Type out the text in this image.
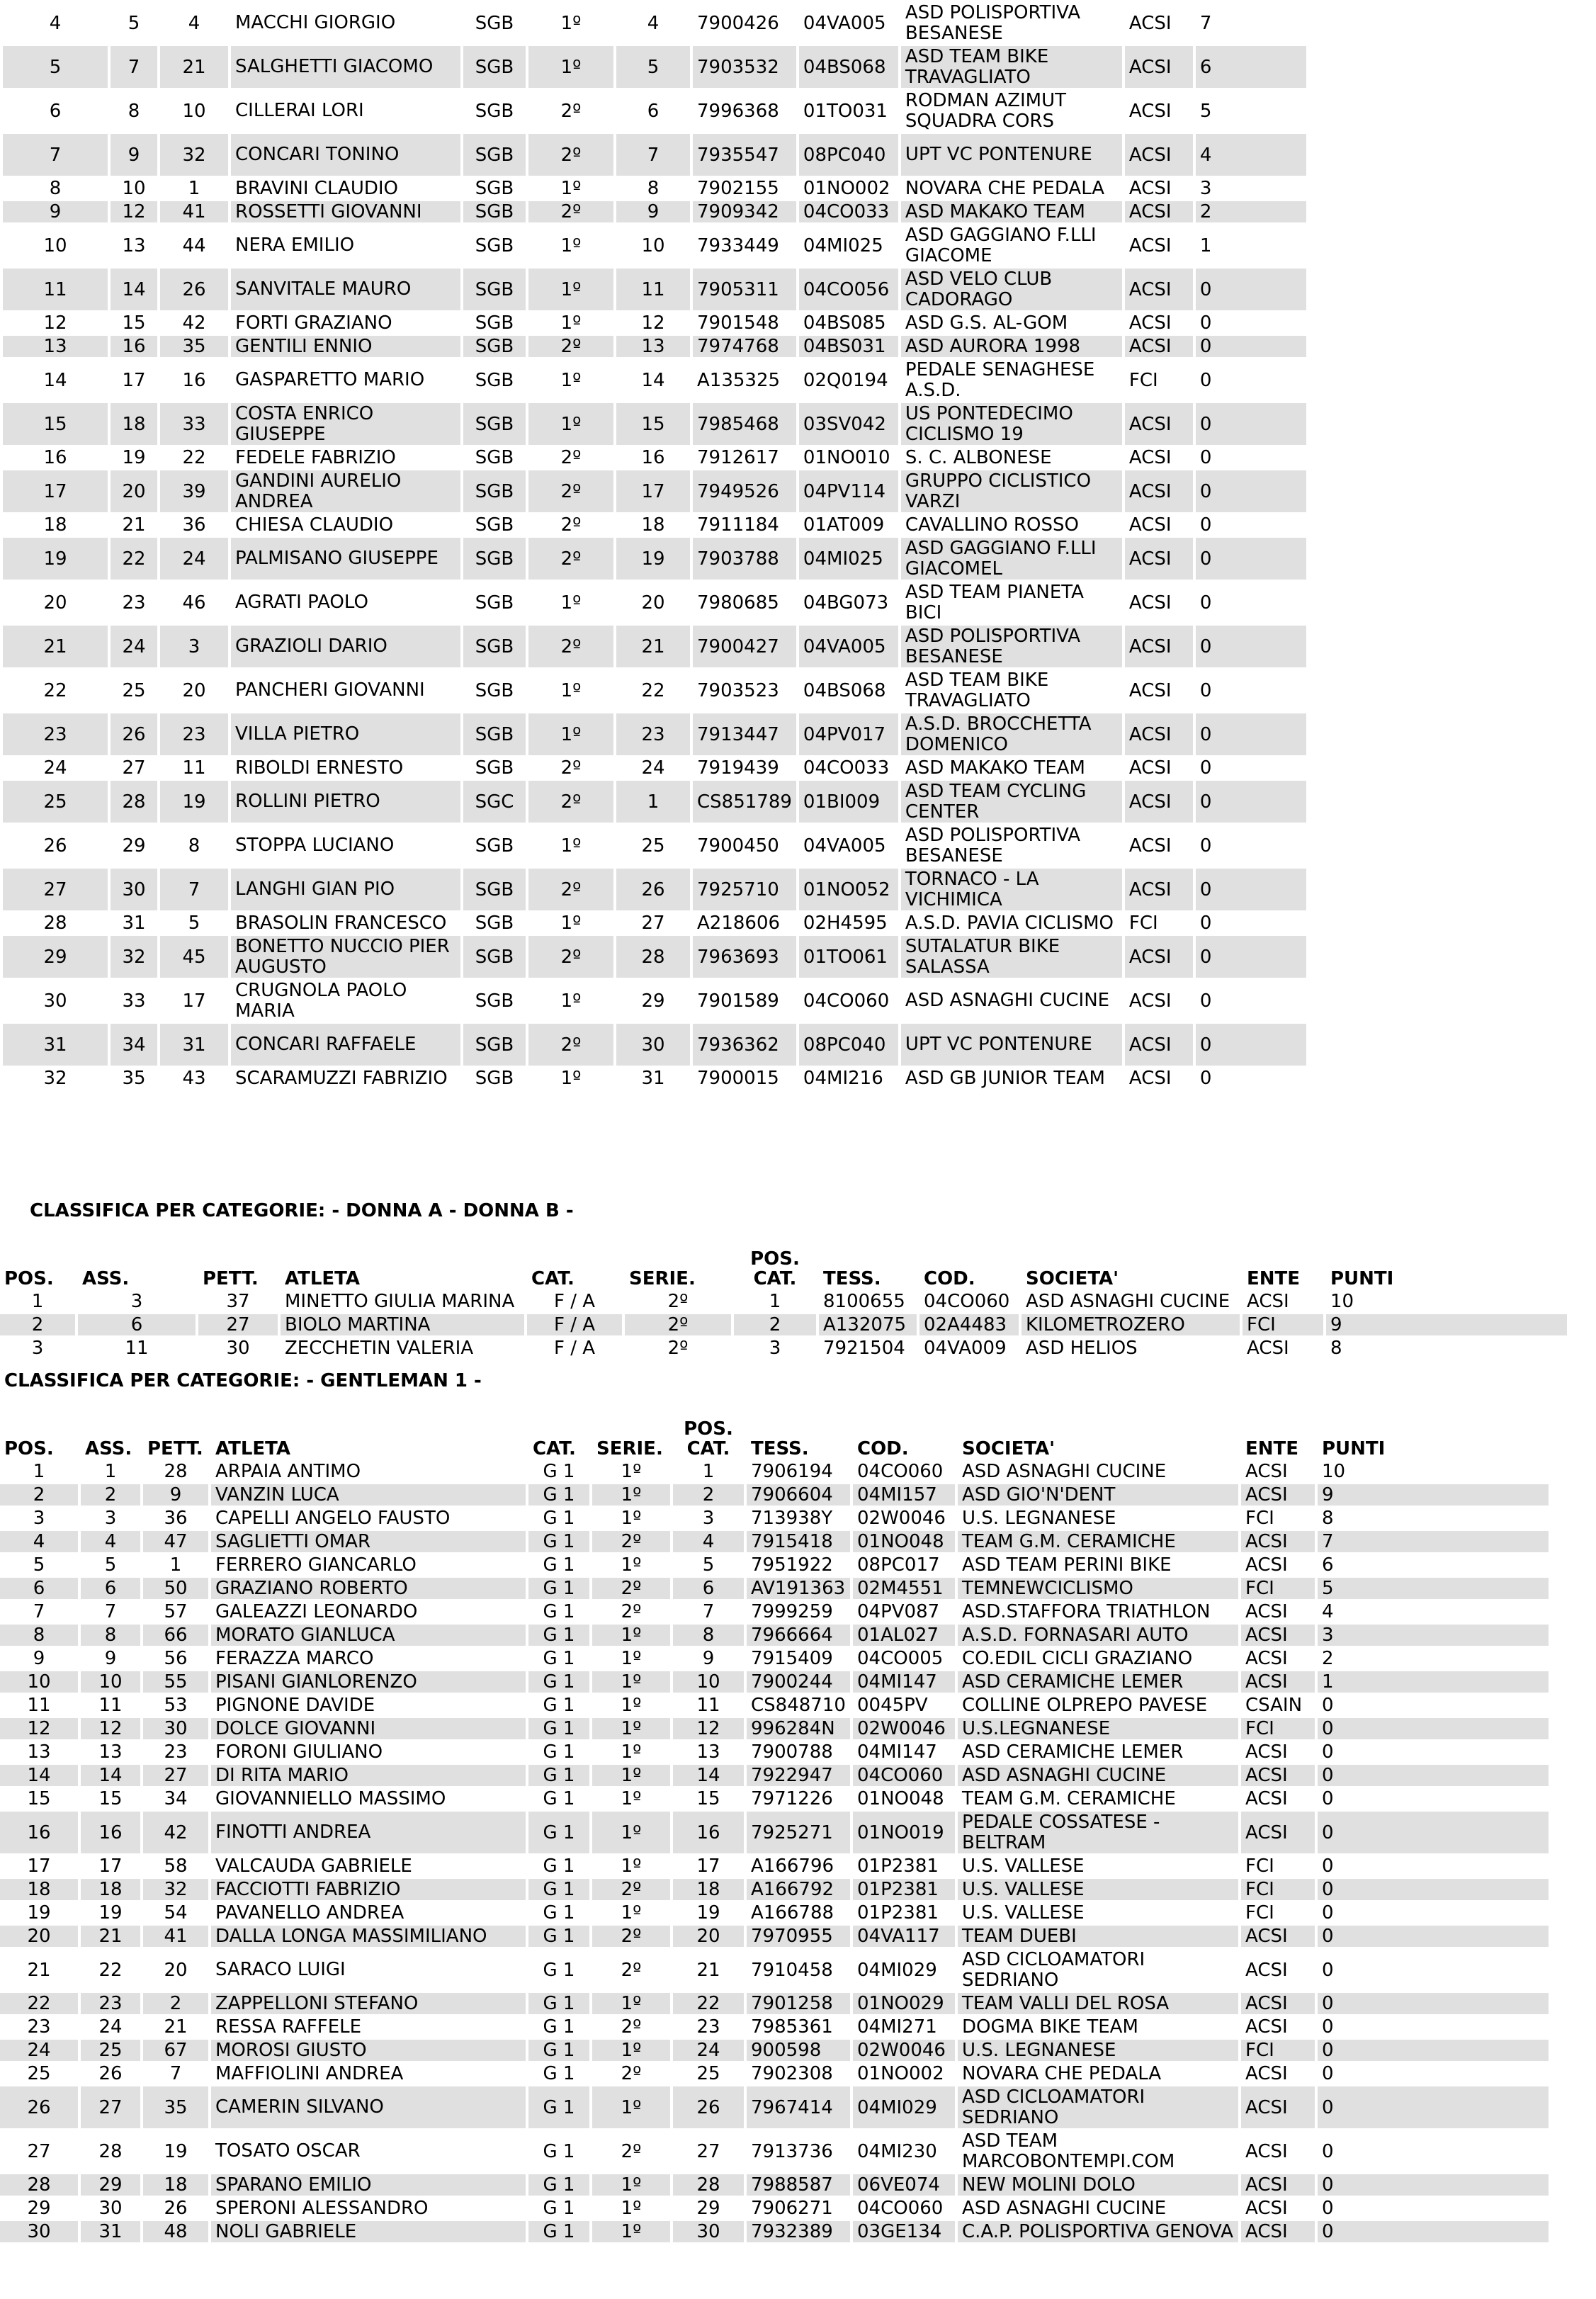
4	5	4	MACCHI GIORGIO	SGB	1º	4	7900426	04VA005	ASD POLISPORTIVA BESANESE	ACSI	7
5	7	21	SALGHETTI GIACOMO	SGB	1º	5	7903532	04BS068	ASD TEAM BIKE TRAVAGLIATO	ACSI	6
6	8	10	CILLERAI LORI	SGB	2º	6	7996368	01TO031	RODMAN AZIMUT SQUADRA CORS	ACSI	5
7	9	32	CONCARI TONINO	SGB	2º	7	7935547	08PC040	UPT VC PONTENURE	ACSI	4
8	10	1	BRAVINI CLAUDIO	SGB	1º	8	7902155	01NO002	NOVARA CHE PEDALA	ACSI	3
9	12	41	ROSSETTI GIOVANNI	SGB	2º	9	7909342	04CO033	ASD MAKAKO TEAM	ACSI	2
10	13	44	NERA EMILIO	SGB	1º	10	7933449	04MI025	ASD GAGGIANO F.LLI GIACOME	ACSI	1
11	14	26	SANVITALE MAURO	SGB	1º	11	7905311	04CO056	ASD VELO CLUB CADORAGO	ACSI	0
12	15	42	FORTI GRAZIANO	SGB	1º	12	7901548	04BS085	ASD G.S. AL-GOM	ACSI	0
13	16	35	GENTILI ENNIO	SGB	2º	13	7974768	04BS031	ASD AURORA 1998	ACSI	0
14	17	16	GASPARETTO MARIO	SGB	1º	14	A135325	02Q0194	PEDALE SENAGHESE A.S.D.	FCI	0
15	18	33	COSTA ENRICO GIUSEPPE	SGB	1º	15	7985468	03SV042	US PONTEDECIMO CICLISMO 19	ACSI	0
16	19	22	FEDELE FABRIZIO	SGB	2º	16	7912617	01NO010	S. C. ALBONESE	ACSI	0
17	20	39	GANDINI AURELIO ANDREA	SGB	2º	17	7949526	04PV114	GRUPPO CICLISTICO VARZI	ACSI	0
18	21	36	CHIESA CLAUDIO	SGB	2º	18	7911184	01AT009	CAVALLINO ROSSO	ACSI	0
19	22	24	PALMISANO GIUSEPPE	SGB	2º	19	7903788	04MI025	ASD GAGGIANO F.LLI GIACOMEL	ACSI	0
20	23	46	AGRATI PAOLO	SGB	1º	20	7980685	04BG073	ASD TEAM PIANETA BICI	ACSI	0
21	24	3	GRAZIOLI DARIO	SGB	2º	21	7900427	04VA005	ASD POLISPORTIVA BESANESE	ACSI	0
22	25	20	PANCHERI GIOVANNI	SGB	1º	22	7903523	04BS068	ASD TEAM BIKE TRAVAGLIATO	ACSI	0
23	26	23	VILLA PIETRO	SGB	1º	23	7913447	04PV017	A.S.D. BROCCHETTA DOMENICO	ACSI	0
24	27	11	RIBOLDI ERNESTO	SGB	2º	24	7919439	04CO033	ASD MAKAKO TEAM	ACSI	0
25	28	19	ROLLINI PIETRO	SGC	2º	1	CS851789	01BI009	ASD TEAM CYCLING CENTER	ACSI	0
26	29	8	STOPPA LUCIANO	SGB	1º	25	7900450	04VA005	ASD POLISPORTIVA BESANESE	ACSI	0
27	30	7	LANGHI GIAN PIO	SGB	2º	26	7925710	01NO052	TORNACO - LA VICHIMICA	ACSI	0
28	31	5	BRASOLIN FRANCESCO	SGB	1º	27	A218606	02H4595	A.S.D. PAVIA CICLISMO	FCI	0
29	32	45	BONETTO NUCCIO PIER AUGUSTO	SGB	2º	28	7963693	01TO061	SUTALATUR BIKE SALASSA	ACSI	0
30	33	17	CRUGNOLA PAOLO MARIA	SGB	1º	29	7901589	04CO060	ASD ASNAGHI CUCINE	ACSI	0
31	34	31	CONCARI RAFFAELE	SGB	2º	30	7936362	08PC040	UPT VC PONTENURE	ACSI	0
32	35	43	SCARAMUZZI FABRIZIO	SGB	1º	31	7900015	04MI216	ASD GB JUNIOR TEAM	ACSI	0
CLASSIFICA PER CATEGORIE: - DONNA A - DONNA B -
POS.	ASS.	PETT.	ATLETA	CAT.	SERIE.	POS. CAT.	TESS.	COD.	SOCIETA'	ENTE	PUNTI
1	3	37	MINETTO GIULIA MARINA	F / A	2º	1	8100655	04CO060	ASD ASNAGHI CUCINE	ACSI	10
2	6	27	BIOLO MARTINA	F / A	2º	2	A132075	02A4483	KILOMETROZERO	FCI	9
3	11	30	ZECCHETIN VALERIA	F / A	2º	3	7921504	04VA009	ASD HELIOS	ACSI	8
CLASSIFICA PER CATEGORIE: - GENTLEMAN 1 -
POS.	ASS.	PETT.	ATLETA	CAT.	SERIE.	POS. CAT.	TESS.	COD.	SOCIETA'	ENTE	PUNTI
1	1	28	ARPAIA ANTIMO	G 1	1º	1	7906194	04CO060	ASD ASNAGHI CUCINE	ACSI	10
2	2	9	VANZIN LUCA	G 1	1º	2	7906604	04MI157	ASD GIO'N'DENT	ACSI	9
3	3	36	CAPELLI ANGELO FAUSTO	G 1	1º	3	713938Y	02W0046	U.S. LEGNANESE	FCI	8
4	4	47	SAGLIETTI OMAR	G 1	2º	4	7915418	01NO048	TEAM G.M. CERAMICHE	ACSI	7
5	5	1	FERRERO GIANCARLO	G 1	1º	5	7951922	08PC017	ASD TEAM PERINI BIKE	ACSI	6
6	6	50	GRAZIANO ROBERTO	G 1	2º	6	AV191363	02M4551	TEMNEWCICLISMO	FCI	5
7	7	57	GALEAZZI LEONARDO	G 1	2º	7	7999259	04PV087	ASD.STAFFORA TRIATHLON	ACSI	4
8	8	66	MORATO GIANLUCA	G 1	1º	8	7966664	01AL027	A.S.D. FORNASARI AUTO	ACSI	3
9	9	56	FERAZZA MARCO	G 1	1º	9	7915409	04CO005	CO.EDIL CICLI GRAZIANO	ACSI	2
10	10	55	PISANI GIANLORENZO	G 1	1º	10	7900244	04MI147	ASD CERAMICHE LEMER	ACSI	1
11	11	53	PIGNONE DAVIDE	G 1	1º	11	CS848710	0045PV	COLLINE OLPREPO PAVESE	CSAIN	0
12	12	30	DOLCE GIOVANNI	G 1	1º	12	996284N	02W0046	U.S.LEGNANESE	FCI	0
13	13	23	FORONI GIULIANO	G 1	1º	13	7900788	04MI147	ASD CERAMICHE LEMER	ACSI	0
14	14	27	DI RITA MARIO	G 1	1º	14	7922947	04CO060	ASD ASNAGHI CUCINE	ACSI	0
15	15	34	GIOVANNIELLO MASSIMO	G 1	1º	15	7971226	01NO048	TEAM G.M. CERAMICHE	ACSI	0
16	16	42	FINOTTI ANDREA	G 1	1º	16	7925271	01NO019	PEDALE COSSATESE - BELTRAM	ACSI	0
17	17	58	VALCAUDA GABRIELE	G 1	1º	17	A166796	01P2381	U.S. VALLESE	FCI	0
18	18	32	FACCIOTTI FABRIZIO	G 1	2º	18	A166792	01P2381	U.S. VALLESE	FCI	0
19	19	54	PAVANELLO ANDREA	G 1	1º	19	A166788	01P2381	U.S. VALLESE	FCI	0
20	21	41	DALLA LONGA MASSIMILIANO	G 1	2º	20	7970955	04VA117	TEAM DUEBI	ACSI	0
21	22	20	SARACO LUIGI	G 1	2º	21	7910458	04MI029	ASD CICLOAMATORI SEDRIANO	ACSI	0
22	23	2	ZAPPELLONI STEFANO	G 1	1º	22	7901258	01NO029	TEAM VALLI DEL ROSA	ACSI	0
23	24	21	RESSA RAFFELE	G 1	2º	23	7985361	04MI271	DOGMA BIKE TEAM	ACSI	0
24	25	67	MOROSI GIUSTO	G 1	1º	24	900598	02W0046	U.S. LEGNANESE	FCI	0
25	26	7	MAFFIOLINI ANDREA	G 1	2º	25	7902308	01NO002	NOVARA CHE PEDALA	ACSI	0
26	27	35	CAMERIN SILVANO	G 1	1º	26	7967414	04MI029	ASD CICLOAMATORI SEDRIANO	ACSI	0
27	28	19	TOSATO OSCAR	G 1	2º	27	7913736	04MI230	ASD TEAM MARCOBONTEMPI.COM	ACSI	0
28	29	18	SPARANO EMILIO	G 1	1º	28	7988587	06VE074	NEW MOLINI DOLO	ACSI	0
29	30	26	SPERONI ALESSANDRO	G 1	1º	29	7906271	04CO060	ASD ASNAGHI CUCINE	ACSI	0
30	31	48	NOLI GABRIELE	G 1	1º	30	7932389	03GE134	C.A.P. POLISPORTIVA GENOVA	ACSI	0
